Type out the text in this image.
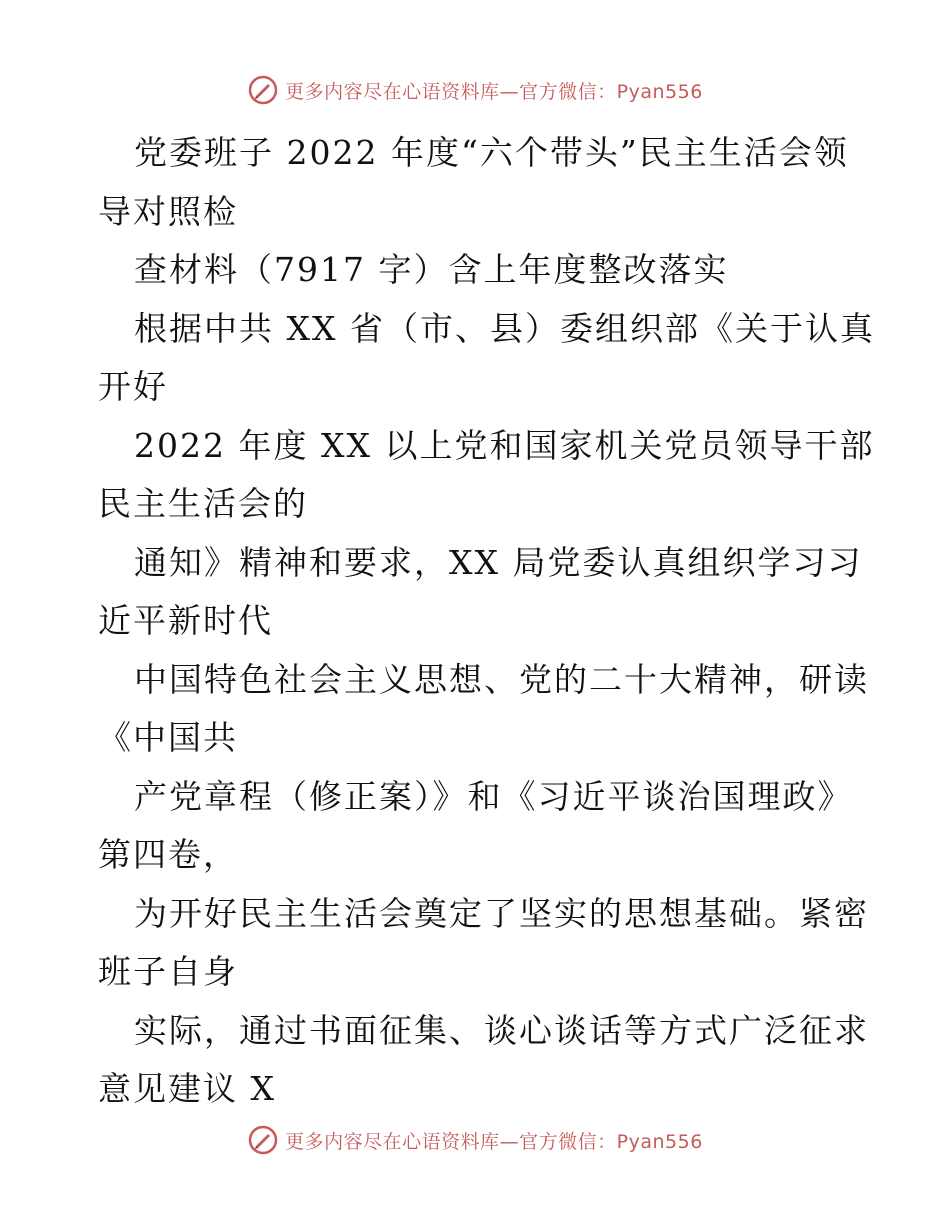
更多内容尽在心语资料库—官方微信：Pyan556
党委班子 2022 年度“六个带头”民主生活会领
导对照检
查材料（7917 字）含上年度整改落实
根据中共 XX 省（市、县）委组织部《关于认真
开好
2022 年度 XX 以上党和国家机关党员领导干部
民主生活会的
通知》精神和要求，XX 局党委认真组织学习习
近平新时代
中国特色社会主义思想、党的二十大精神，研读
《中国共
产党章程（修正案）》和《习近平谈治国理政》
第四卷，
为开好民主生活会奠定了坚实的思想基础。紧密
班子自身
实际，通过书面征集、谈心谈话等方式广泛征求
意见建议 X
更多内容尽在心语资料库—官方微信：Pyan556
